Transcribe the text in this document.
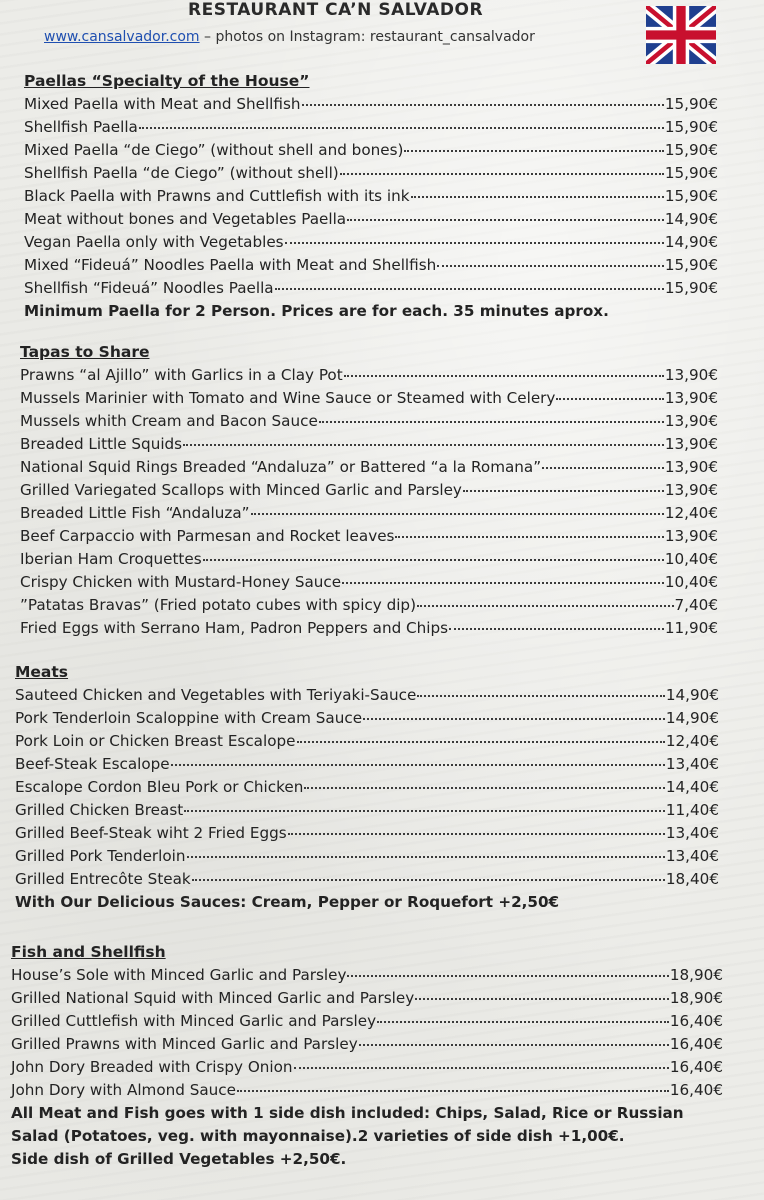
RESTAURANT CA’N SALVADOR
www.cansalvador.com – photos on Instagram: restaurant_cansalvador
Paellas “Specialty of the House”
Mixed Paella with Meat and Shellfish	15,90€
Shellfish Paella	15,90€
Mixed Paella “de Ciego” (without shell and bones)	15,90€
Shellfish Paella “de Ciego” (without shell)	15,90€
Black Paella with Prawns and Cuttlefish with its ink	15,90€
Meat without bones and Vegetables Paella	14,90€
Vegan Paella only with Vegetables	14,90€
Mixed “Fideuá” Noodles Paella with Meat and Shellfish	15,90€
Shellfish “Fideuá” Noodles Paella	15,90€
Minimum Paella for 2 Person. Prices are for each. 35 minutes aprox.
Tapas to Share
Prawns “al Ajillo” with Garlics in a Clay Pot	13,90€
Mussels Marinier with Tomato and Wine Sauce or Steamed with Celery	13,90€
Mussels whith Cream and Bacon Sauce	13,90€
Breaded Little Squids	13,90€
National Squid Rings Breaded “Andaluza” or Battered “a la Romana”	13,90€
Grilled Variegated Scallops with Minced Garlic and Parsley	13,90€
Breaded Little Fish “Andaluza”	12,40€
Beef Carpaccio with Parmesan and Rocket leaves	13,90€
Iberian Ham Croquettes	10,40€
Crispy Chicken with Mustard-Honey Sauce	10,40€
”Patatas Bravas” (Fried potato cubes with spicy dip)	7,40€
Fried Eggs with Serrano Ham, Padron Peppers and Chips	11,90€
Meats
Sauteed Chicken and Vegetables with Teriyaki-Sauce	14,90€
Pork Tenderloin Scaloppine with Cream Sauce	14,90€
Pork Loin or Chicken Breast Escalope	12,40€
Beef-Steak Escalope	13,40€
Escalope Cordon Bleu Pork or Chicken	14,40€
Grilled Chicken Breast	11,40€
Grilled Beef-Steak wiht 2 Fried Eggs	13,40€
Grilled Pork Tenderloin	13,40€
Grilled Entrecôte Steak	18,40€
With Our Delicious Sauces: Cream, Pepper or Roquefort +2,50€
Fish and Shellfish
House’s Sole with Minced Garlic and Parsley	18,90€
Grilled National Squid with Minced Garlic and Parsley	18,90€
Grilled Cuttlefish with Minced Garlic and Parsley	16,40€
Grilled Prawns with Minced Garlic and Parsley	16,40€
John Dory Breaded with Crispy Onion	16,40€
John Dory with Almond Sauce	16,40€
All Meat and Fish goes with 1 side dish included: Chips, Salad, Rice or Russian
Salad (Potatoes, veg. with mayonnaise).2 varieties of side dish +1,00€.
Side dish of Grilled Vegetables +2,50€.
